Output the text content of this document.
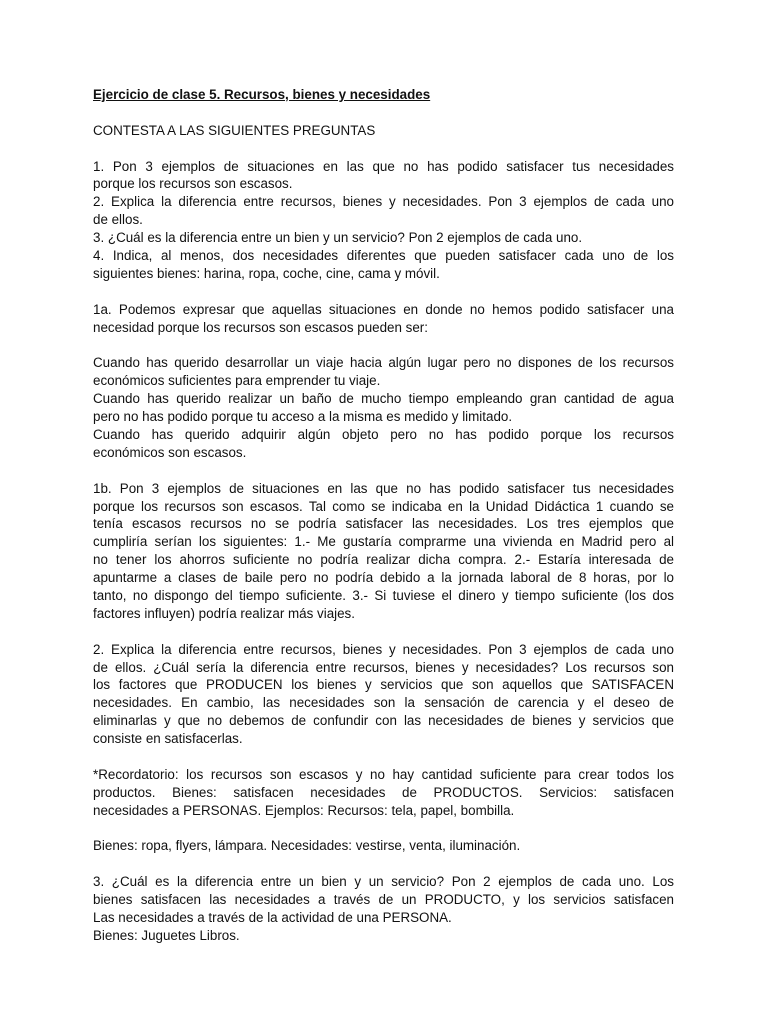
Ejercicio de clase 5. Recursos, bienes y necesidades
CONTESTA A LAS SIGUIENTES PREGUNTAS
1. Pon 3 ejemplos de situaciones en las que no has podido satisfacer tus necesidades
porque los recursos son escasos.
2. Explica la diferencia entre recursos, bienes y necesidades. Pon 3 ejemplos de cada uno
de ellos.
3. ¿Cuál es la diferencia entre un bien y un servicio? Pon 2 ejemplos de cada uno.
4. Indica, al menos, dos necesidades diferentes que pueden satisfacer cada uno de los
siguientes bienes: harina, ropa, coche, cine, cama y móvil.
1a. Podemos expresar que aquellas situaciones en donde no hemos podido satisfacer una
necesidad porque los recursos son escasos pueden ser:
Cuando has querido desarrollar un viaje hacia algún lugar pero no dispones de los recursos
económicos suficientes para emprender tu viaje.
Cuando has querido realizar un baño de mucho tiempo empleando gran cantidad de agua
pero no has podido porque tu acceso a la misma es medido y limitado.
Cuando has querido adquirir algún objeto pero no has podido porque los recursos
económicos son escasos.
1b. Pon 3 ejemplos de situaciones en las que no has podido satisfacer tus necesidades
porque los recursos son escasos. Tal como se indicaba en la Unidad Didáctica 1 cuando se
tenía escasos recursos no se podría satisfacer las necesidades. Los tres ejemplos que
cumpliría serían los siguientes: 1.- Me gustaría comprarme una vivienda en Madrid pero al
no tener los ahorros suficiente no podría realizar dicha compra. 2.- Estaría interesada de
apuntarme a clases de baile pero no podría debido a la jornada laboral de 8 horas, por lo
tanto, no dispongo del tiempo suficiente. 3.- Si tuviese el dinero y tiempo suficiente (los dos
factores influyen) podría realizar más viajes.
2. Explica la diferencia entre recursos, bienes y necesidades. Pon 3 ejemplos de cada uno
de ellos. ¿Cuál sería la diferencia entre recursos, bienes y necesidades? Los recursos son
los factores que PRODUCEN los bienes y servicios que son aquellos que SATISFACEN
necesidades. En cambio, las necesidades son la sensación de carencia y el deseo de
eliminarlas y que no debemos de confundir con las necesidades de bienes y servicios que
consiste en satisfacerlas.
*Recordatorio: los recursos son escasos y no hay cantidad suficiente para crear todos los
productos. Bienes: satisfacen necesidades de PRODUCTOS. Servicios: satisfacen
necesidades a PERSONAS. Ejemplos: Recursos: tela, papel, bombilla.
Bienes: ropa, flyers, lámpara. Necesidades: vestirse, venta, iluminación.
3. ¿Cuál es la diferencia entre un bien y un servicio? Pon 2 ejemplos de cada uno. Los
bienes satisfacen las necesidades a través de un PRODUCTO, y los servicios satisfacen
Las necesidades a través de la actividad de una PERSONA.
Bienes: Juguetes Libros.
